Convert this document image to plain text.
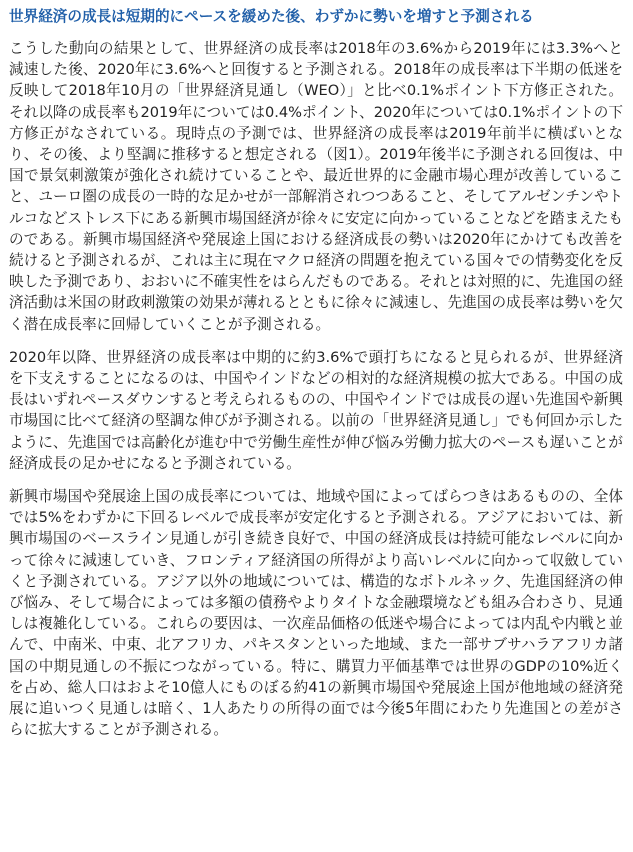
世界経済の成長は短期的にペースを緩めた後、わずかに勢いを増すと予測される

こうした動向の結果として、世界経済の成長率は2018年の3.6%から2019年には3.3%へと減速した後、2020年に3.6%へと回復すると予測される。2018年の成長率は下半期の低迷を反映して2018年10月の「世界経済見通し（WEO）」と比べ0.1%ポイント下方修正された。それ以降の成長率も2019年については0.4%ポイント、2020年については0.1%ポイントの下方修正がなされている。現時点の予測では、世界経済の成長率は2019年前半に横ばいとなり、その後、より堅調に推移すると想定される（図1）。2019年後半に予測される回復は、中国で景気刺激策が強化され続けていることや、最近世界的に金融市場心理が改善していること、ユーロ圏の成長の一時的な足かせが一部解消されつつあること、そしてアルゼンチンやトルコなどストレス下にある新興市場国経済が徐々に安定に向かっていることなどを踏まえたものである。新興市場国経済や発展途上国における経済成長の勢いは2020年にかけても改善を続けると予測されるが、これは主に現在マクロ経済の問題を抱えている国々での情勢変化を反映した予測であり、おおいに不確実性をはらんだものである。それとは対照的に、先進国の経済活動は米国の財政刺激策の効果が薄れるとともに徐々に減速し、先進国の成長率は勢いを欠く潜在成長率に回帰していくことが予測される。

2020年以降、世界経済の成長率は中期的に約3.6%で頭打ちになると見られるが、世界経済を下支えすることになるのは、中国やインドなどの相対的な経済規模の拡大である。中国の成長はいずれペースダウンすると考えられるものの、中国やインドでは成長の遅い先進国や新興市場国に比べて経済の堅調な伸びが予測される。以前の「世界経済見通し」でも何回か示したように、先進国では高齢化が進む中で労働生産性が伸び悩み労働力拡大のペースも遅いことが経済成長の足かせになると予測されている。

新興市場国や発展途上国の成長率については、地域や国によってばらつきはあるものの、全体では5%をわずかに下回るレベルで成長率が安定化すると予測される。アジアにおいては、新興市場国のベースライン見通しが引き続き良好で、中国の経済成長は持続可能なレベルに向かって徐々に減速していき、フロンティア経済国の所得がより高いレベルに向かって収斂していくと予測されている。アジア以外の地域については、構造的なボトルネック、先進国経済の伸び悩み、そして場合によっては多額の債務やよりタイトな金融環境なども組み合わさり、見通しは複雑化している。これらの要因は、一次産品価格の低迷や場合によっては内乱や内戦と並んで、中南米、中東、北アフリカ、パキスタンといった地域、また一部サブサハラアフリカ諸国の中期見通しの不振につながっている。特に、購買力平価基準では世界のGDPの10%近くを占め、総人口はおよそ10億人にものぼる約41の新興市場国や発展途上国が他地域の経済発展に追いつく見通しは暗く、1人あたりの所得の面では今後5年間にわたり先進国との差がさらに拡大することが予測される。
